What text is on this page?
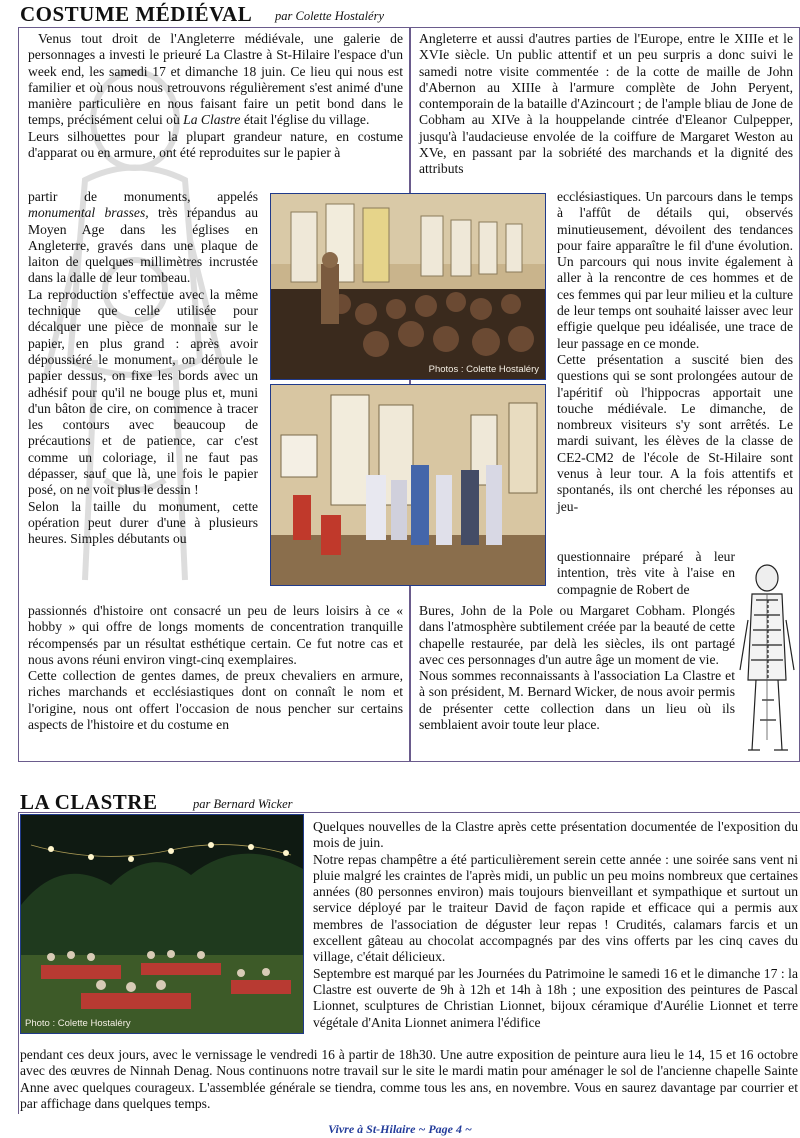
COSTUME MÉDIÉVAL par Colette Hostaléry

Venus tout droit de l'Angleterre médiévale, une galerie de personnages a investi le prieuré La Clastre à St-Hilaire l'espace d'un week end, les samedi 17 et dimanche 18 juin. Ce lieu qui nous est familier et où nous nous retrouvons régulièrement s'est animé d'une manière particulière en nous faisant faire un petit bond dans le temps, précisément celui où La Clastre était l'église du village.

Leurs silhouettes pour la plupart grandeur nature, en costume d'apparat ou en armure, ont été reproduites sur le papier à

partir de monuments, appelés monumental brasses, très répandus au Moyen Age dans les églises en Angleterre, gravés dans une plaque de laiton de quelques millimètres incrustée dans la dalle de leur tombeau.

La reproduction s'effectue avec la même technique que celle utilisée pour décalquer une pièce de monnaie sur le papier, en plus grand : après avoir dépoussiéré le monument, on déroule le papier dessus, on fixe les bords avec un adhésif pour qu'il ne bouge plus et, muni d'un bâton de cire, on commence à tracer les contours avec beaucoup de précautions et de patience, car c'est comme un coloriage, il ne faut pas dépasser, sauf que là, une fois le papier posé, on ne voit plus le dessin !

Selon la taille du monument, cette opération peut durer d'une à plusieurs heures. Simples débutants ou

passionnés d'histoire ont consacré un peu de leurs loisirs à ce « hobby » qui offre de longs moments de concentration tranquille récompensés par un résultat esthétique certain. Ce fut notre cas et nous avons réuni environ vingt-cinq exemplaires.

Cette collection de gentes dames, de preux chevaliers en armure, riches marchands et ecclésiastiques dont on connaît le nom et l'origine, nous ont offert l'occasion de nous pencher sur certains aspects de l'histoire et du costume en

Photos : Colette Hostaléry

Angleterre et aussi d'autres parties de l'Europe, entre le XIIIe et le XVIe siècle. Un public attentif et un peu surpris a donc suivi le samedi notre visite commentée : de la cotte de maille de John d'Abernon au XIIIe à l'armure complète de John Peryent, contemporain de la bataille d'Azincourt ; de l'ample bliau de Jone de Cobham au XIVe à la houppelande cintrée d'Eleanor Culpepper, jusqu'à l'audacieuse envolée de la coiffure de Margaret Weston au XVe, en passant par la sobriété des marchands et la dignité des attributs

ecclésiastiques. Un parcours dans le temps à l'affût de détails qui, observés minutieusement, dévoilent des tendances pour faire apparaître le fil d'une évolution. Un parcours qui nous invite également à aller à la rencontre de ces hommes et de ces femmes qui par leur milieu et la culture de leur temps ont souhaité laisser avec leur effigie quelque peu idéalisée, une trace de leur passage en ce monde.

Cette présentation a suscité bien des questions qui se sont prolongées autour de l'apéritif où l'hippocras apportait une touche médiévale. Le dimanche, de nombreux visiteurs s'y sont arrêtés. Le mardi suivant, les élèves de la classe de CE2-CM2 de l'école de St-Hilaire sont venus à leur tour. A la fois attentifs et spontanés, ils ont cherché les réponses au jeu-

questionnaire préparé à leur intention, très vite à l'aise en compagnie de Robert de

Bures, John de la Pole ou Margaret Cobham. Plongés dans l'atmosphère subtilement créée par la beauté de cette chapelle restaurée, par delà les siècles, ils ont partagé avec ces personnages d'un autre âge un moment de vie.

Nous sommes reconnaissants à l'association La Clastre et à son président, M. Bernard Wicker, de nous avoir permis de présenter cette collection dans un lieu où ils semblaient avoir toute leur place.

LA CLASTRE	par Bernard Wicker
Photo : Colette Hostaléry

Quelques nouvelles de la Clastre après cette présentation documentée de l'exposition du mois de juin.

Notre repas champêtre a été particulièrement serein cette année : une soirée sans vent ni pluie malgré les craintes de l'après midi, un public un peu moins nombreux que certaines années (80 personnes environ) mais toujours bienveillant et sympathique et surtout un service déployé par le traiteur David de façon rapide et efficace qui a permis aux membres de l'association de déguster leur repas ! Crudités, calamars farcis et un excellent gâteau au chocolat accompagnés par des vins offerts par les cinq caves du village, c'était délicieux.

Septembre est marqué par les Journées du Patrimoine le samedi 16 et le dimanche 17 : la Clastre est ouverte de 9h à 12h et 14h à 18h ; une exposition des peintures de Pascal Lionnet, sculptures de Christian Lionnet, bijoux céramique d'Aurélie Lionnet et terre végétale d'Anita Lionnet animera l'édifice

pendant ces deux jours, avec le vernissage le vendredi 16 à partir de 18h30. Une autre exposition de peinture aura lieu le 14, 15 et 16 octobre avec des œuvres de Ninnah Denag. Nous continuons notre travail sur le site le mardi matin pour aménager le sol de l'ancienne chapelle Sainte Anne avec quelques courageux. L'assemblée générale se tiendra, comme tous les ans, en novembre. Vous en saurez davantage par courrier et par affichage dans quelques temps.

Vivre à St-Hilaire ~ Page 4 ~
